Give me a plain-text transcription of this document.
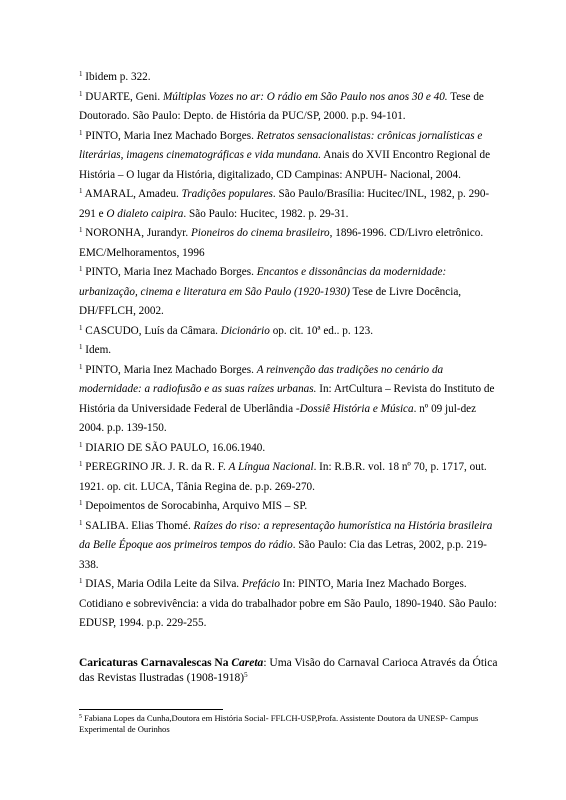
$^1$ Ibidem p. 322.

$^1$ DUARTE, Geni. Múltiplas Vozes no ar: O rádio em São Paulo nos anos 30 e 40. Tese de Doutorado. São Paulo: Depto. de História da PUC/SP, 2000. p.p. 94-101.

$^1$ PINTO, Maria Inez Machado Borges. Retratos sensacionalistas: crônicas jornalísticas e literárias, imagens cinematográficas e vida mundana. Anais do XVII Encontro Regional de História – O lugar da História, digitalizado, CD Campinas: ANPUH- Nacional, 2004.

$^1$ AMARAL, Amadeu. Tradições populares. São Paulo/Brasília: Hucitec/INL, 1982, p. 290-291 e O dialeto caipira. São Paulo: Hucitec, 1982. p. 29-31.

$^1$ NORONHA, Jurandyr. Pioneiros do cinema brasileiro, 1896-1996. CD/Livro eletrônico. EMC/Melhoramentos, 1996

$^1$ PINTO, Maria Inez Machado Borges. Encantos e dissonâncias da modernidade: urbanização, cinema e literatura em São Paulo (1920-1930) Tese de Livre Docência, DH/FFLCH, 2002.

$^1$ CASCUDO, Luís da Câmara. Dicionário op. cit. 10ª ed.. p. 123.

$^1$ Idem.

$^1$ PINTO, Maria Inez Machado Borges. A reinvenção das tradições no cenário da modernidade: a radiofusão e as suas raízes urbanas. In: ArtCultura – Revista do Instituto de História da Universidade Federal de Uberlândia -Dossiê História e Música. nº 09 jul-dez 2004. p.p. 139-150.

$^1$ DIARIO DE SÃO PAULO, 16.06.1940.

$^1$ PEREGRINO JR. J. R. da R. F. A Língua Nacional. In: R.B.R. vol. 18 nº 70, p. 1717, out. 1921. op. cit. LUCA, Tânia Regina de. p.p. 269-270.

$^1$ Depoimentos de Sorocabinha, Arquivo MIS – SP.

$^1$ SALIBA. Elias Thomé. Raízes do riso: a representação humorística na História brasileira da Belle Époque aos primeiros tempos do rádio. São Paulo: Cia das Letras, 2002, p.p. 219-338.

$^1$ DIAS, Maria Odila Leite da Silva. Prefácio In: PINTO, Maria Inez Machado Borges. Cotidiano e sobrevivência: a vida do trabalhador pobre em São Paulo, 1890-1940. São Paulo: EDUSP, 1994. p.p. 229-255.

Caricaturas Carnavalescas Na Careta: Uma Visão do Carnaval Carioca Através da Ótica das Revistas Ilustradas (1908-1918)$^5$
$^5$ Fabiana Lopes da Cunha,Doutora em História Social- FFLCH-USP,Profa. Assistente Doutora da UNESP- Campus Experimental de Ourinhos
